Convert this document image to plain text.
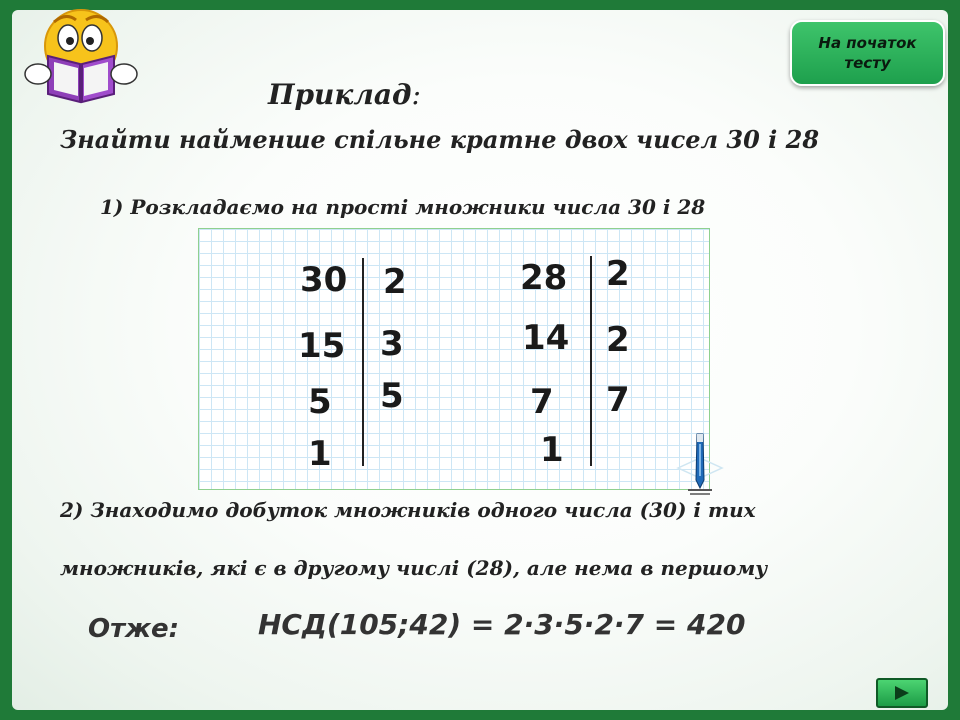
На початок
тесту
Приклад:
Знайти найменше спільне кратне двох чисел 30 і 28
1) Розкладаємо на прості множники числа 30 і 28
30
15
5
1
2
3
5
28
14
7
1
2
2
7
2) Знаходимо добуток множників одного числа (30) і тих
множників, які є в другому числі (28), але нема в першому
Отже:	НСД(105;42) = 2·3·5·2·7 = 420
